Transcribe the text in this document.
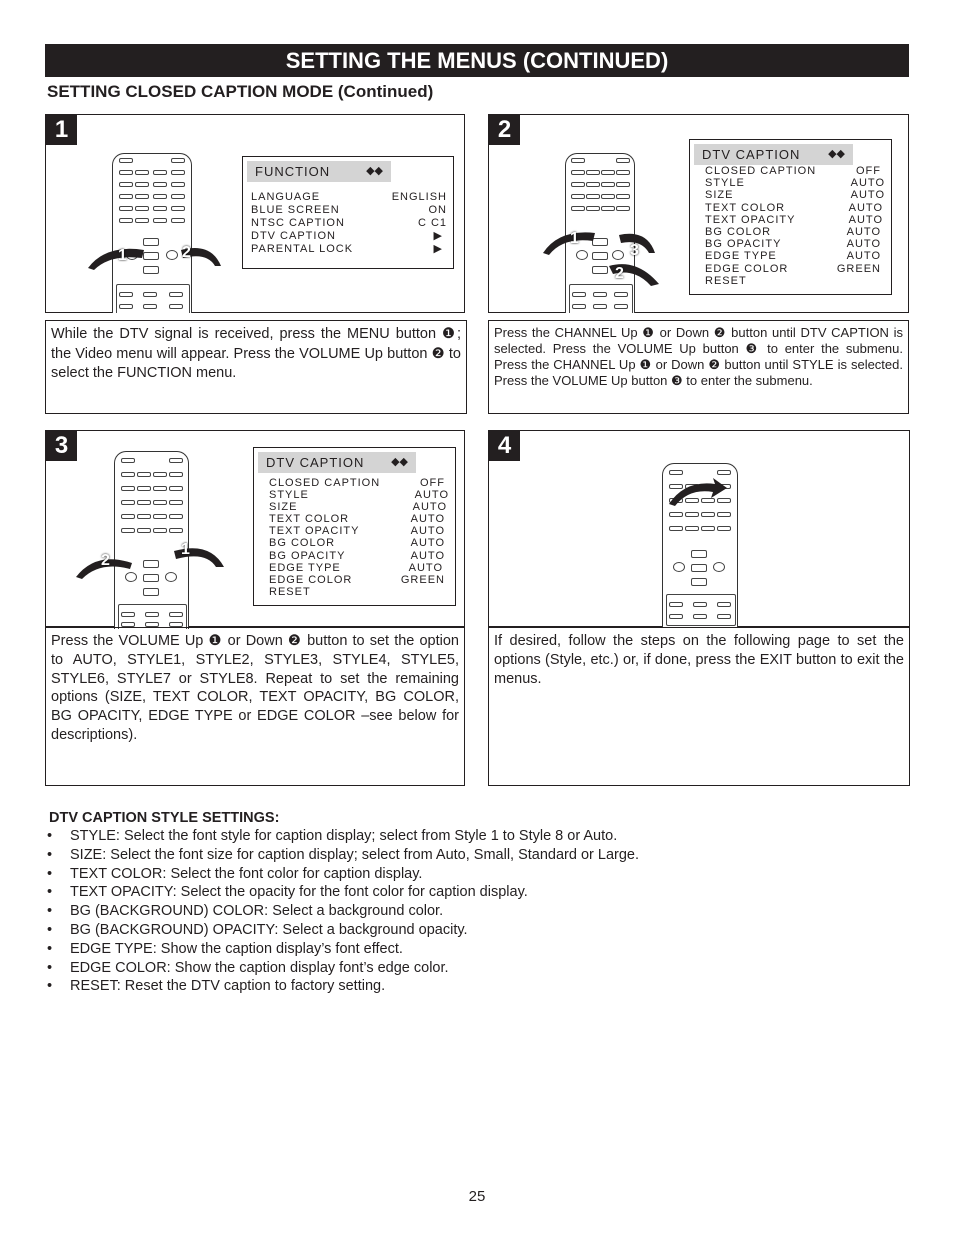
SETTING THE MENUS (CONTINUED)
SETTING CLOSED CAPTION MODE (Continued)
1
1	2
FUNCTION	◆◆
LANGUAGE	ENGLISH
BLUE SCREEN	ON
NTSC CAPTION	C C1
DTV CAPTION	▶
PARENTAL LOCK	▶
While the DTV signal is received, press the MENU button ❶; the Video menu will appear. Press the VOLUME Up button ❷ to select the FUNCTION menu.
2
1
3
2
DTV CAPTION	◆◆
CLOSED CAPTION	OFF
STYLE	AUTO
SIZE	AUTO
TEXT COLOR	AUTO
TEXT OPACITY	AUTO
BG COLOR	AUTO
BG OPACITY	AUTO
EDGE TYPE	AUTO
EDGE COLOR	GREEN
RESET
Press the CHANNEL Up ❶ or Down ❷ button until DTV CAPTION is selected. Press the VOLUME Up button ❸ to enter the submenu. Press the CHANNEL Up ❶ or Down ❷ button until STYLE is selected. Press the VOLUME Up button ❸ to enter the submenu.
3
2
1
DTV CAPTION ◆◆
CLOSED CAPTION	OFF
STYLE	AUTO
SIZE	AUTO
TEXT COLOR	AUTO
TEXT OPACITY	AUTO
BG COLOR	AUTO
BG OPACITY	AUTO
EDGE TYPE	AUTO
EDGE COLOR	GREEN
RESET
Press the VOLUME Up ❶ or Down ❷ button to set the option to AUTO, STYLE1, STYLE2, STYLE3, STYLE4, STYLE5, STYLE6, STYLE7 or STYLE8. Repeat to set the remaining options (SIZE, TEXT COLOR, TEXT OPACITY, BG COLOR, BG OPACITY, EDGE TYPE or EDGE COLOR –see below for descriptions).
4
If desired, follow the steps on the following page to set the options (Style, etc.) or, if done, press the EXIT button to exit the menus.
DTV CAPTION STYLE SETTINGS:
• STYLE: Select the font style for caption display; select from Style 1 to Style 8 or Auto.
• SIZE: Select the font size for caption display; select from Auto, Small, Standard or Large.
• TEXT COLOR: Select the font color for caption display.
• TEXT OPACITY: Select the opacity for the font color for caption display.
• BG (BACKGROUND) COLOR: Select a background color.
• BG (BACKGROUND) OPACITY: Select a background opacity.
• EDGE TYPE: Show the caption display’s font effect.
• EDGE COLOR: Show the caption display font’s edge color.
• RESET: Reset the DTV caption to factory setting.
25
